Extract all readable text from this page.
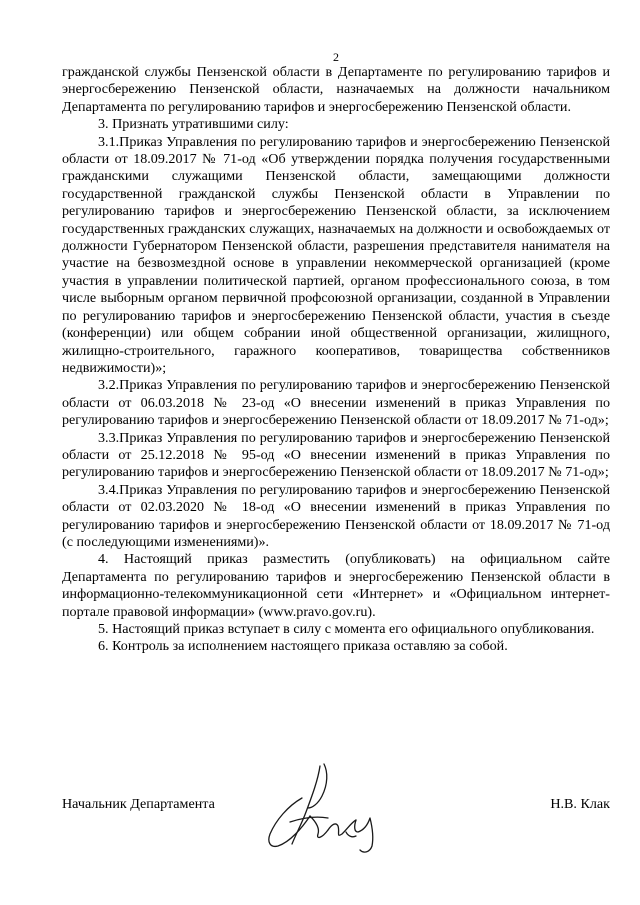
2

гражданской службы Пензенской области в Департаменте по регулированию тарифов и энергосбережению Пензенской области, назначаемых на должности начальником Департамента по регулированию тарифов и энергосбережению Пензенской области.

3. Признать утратившими силу:

3.1.Приказ Управления по регулированию тарифов и энергосбережению Пензенской области от 18.09.2017 № 71-од «Об утверждении порядка получения государственными гражданскими служащими Пензенской области, замещающими должности государственной гражданской службы Пензенской области в Управлении по регулированию тарифов и энергосбережению Пензенской области, за исключением государственных гражданских служащих, назначаемых на должности и освобождаемых от должности Губернатором Пензенской области, разрешения представителя нанимателя на участие на безвозмездной основе в управлении некоммерческой организацией (кроме участия в управлении политической партией, органом профессионального союза, в том числе выборным органом первичной профсоюзной организации, созданной в Управлении по регулированию тарифов и энергосбережению Пензенской области, участия в съезде (конференции) или общем собрании иной общественной организации, жилищного, жилищно-строительного, гаражного кооперативов, товарищества собственников недвижимости)»;

3.2.Приказ Управления по регулированию тарифов и энергосбережению Пензенской области от 06.03.2018 № 23-од «О внесении изменений в приказ Управления по регулированию тарифов и энергосбережению Пензенской области от 18.09.2017 № 71-од»;

3.3.Приказ Управления по регулированию тарифов и энергосбережению Пензенской области от 25.12.2018 № 95-од «О внесении изменений в приказ Управления по регулированию тарифов и энергосбережению Пензенской области от 18.09.2017 № 71-од»;

3.4.Приказ Управления по регулированию тарифов и энергосбережению Пензенской области от 02.03.2020 № 18-од «О внесении изменений в приказ Управления по регулированию тарифов и энергосбережению Пензенской области от 18.09.2017 № 71-од (с последующими изменениями)».

4. Настоящий приказ разместить (опубликовать) на официальном сайте Департамента по регулированию тарифов и энергосбережению Пензенской области в информационно-телекоммуникационной сети «Интернет» и «Официальном интернет-портале правовой информации» (www.pravo.gov.ru).

5. Настоящий приказ вступает в силу с момента его официального опубликования.

6. Контроль за исполнением настоящего приказа оставляю за собой.

Начальник Департамента	Н.В. Клак
